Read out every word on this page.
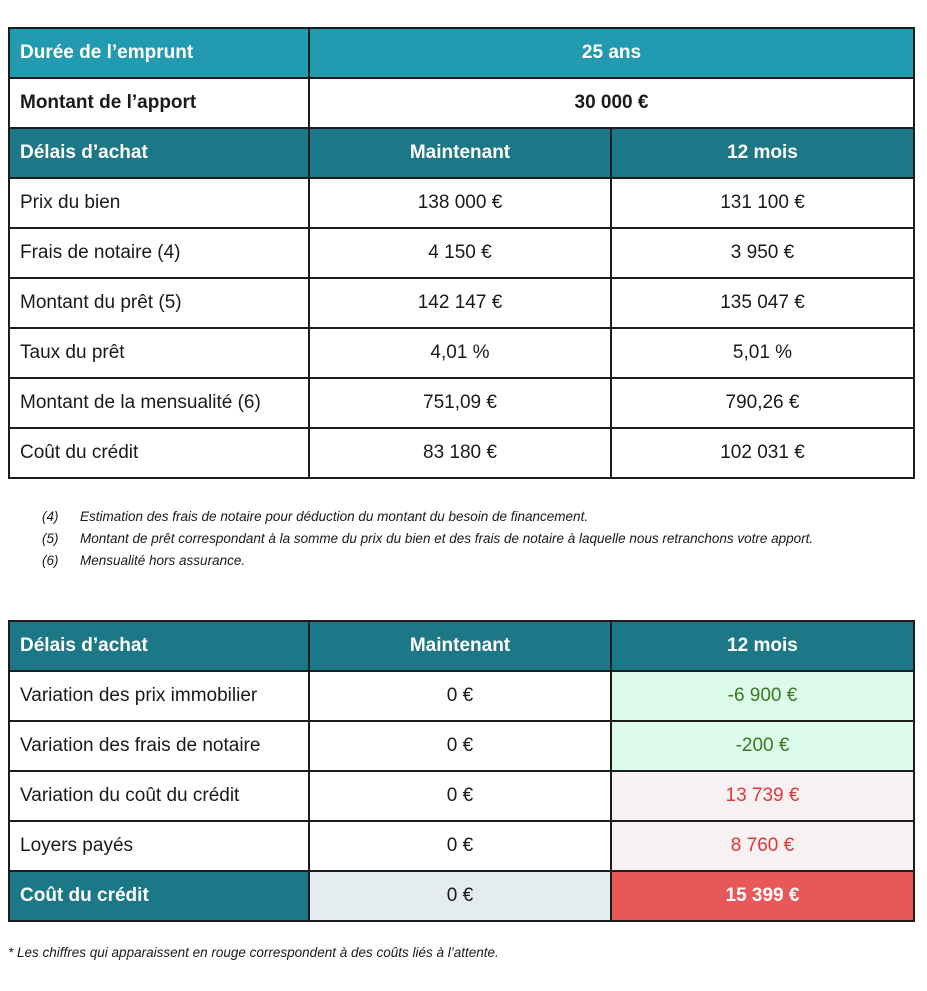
Durée de l’emprunt	25 ans	
Montant de l’apport	30 000 €	
Délais d’achat	Maintenant	12 mois
Prix du bien	138 000 €	131 100 €
Frais de notaire (4)	4 150 €	3 950 €
Montant du prêt (5)	142 147 €	135 047 €
Taux du prêt	4,01 %	5,01 %
Montant de la mensualité (6)	751,09 €	790,26 €
Coût du crédit	83 180 €	102 031 €
(4)	Estimation des frais de notaire pour déduction du montant du besoin de financement.
(5)	Montant de prêt correspondant à la somme du prix du bien et des frais de notaire à laquelle nous retranchons votre apport.
(6)	Mensualité hors assurance.
Délais d’achat	Maintenant	12 mois
Variation des prix immobilier	0 €	-6 900 €
Variation des frais de notaire	0 €	-200 €
Variation du coût du crédit	0 €	13 739 €
Loyers payés	0 €	8 760 €
Coût du crédit	0 €	15 399 €
* Les chiffres qui apparaissent en rouge correspondent à des coûts liés à l’attente.
